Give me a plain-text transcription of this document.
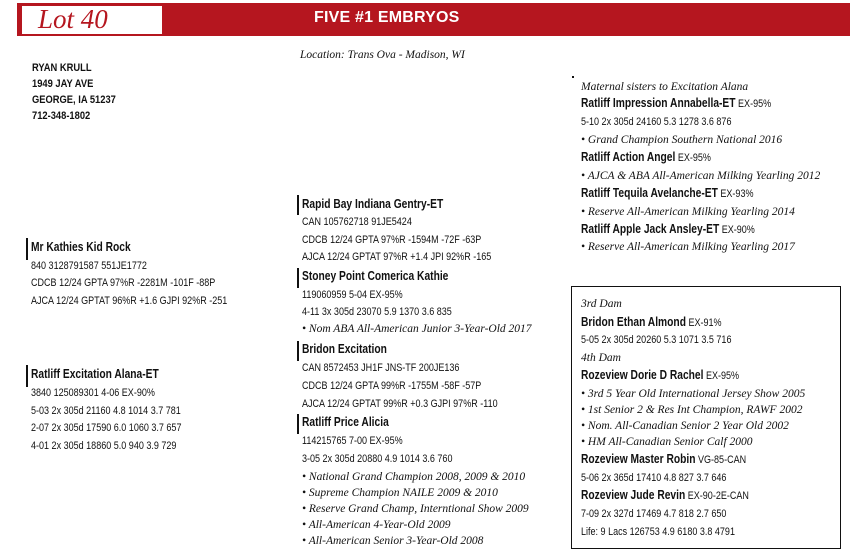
Lot 40	FIVE #1 EMBRYOS
Location: Trans Ova - Madison, WI
RYAN KRULL
1949 JAY AVE
GEORGE, IA 51237
712-348-1802
Mr Kathies Kid Rock
840 3128791587 551JE1772
CDCB 12/24 GPTA 97%R -2281M -101F -88P
AJCA 12/24 GPTAT 96%R +1.6 GJPI 92%R -251
Ratliff Excitation Alana-ET
3840 125089301 4-06 EX-90%
5-03 2x 305d 21160 4.8 1014 3.7 781
2-07 2x 305d 17590 6.0 1060 3.7 657
4-01 2x 305d 18860 5.0 940 3.9 729
Rapid Bay Indiana Gentry-ET
CAN 105762718 91JE5424
CDCB 12/24 GPTA 97%R -1594M -72F -63P
AJCA 12/24 GPTAT 97%R +1.4 JPI 92%R -165
Stoney Point Comerica Kathie
119060959 5-04 EX-95%
4-11 3x 305d 23070 5.9 1370 3.6 835
• Nom ABA All-American Junior 3-Year-Old 2017
Bridon Excitation
CAN 8572453 JH1F JNS-TF 200JE136
CDCB 12/24 GPTA 99%R -1755M -58F -57P
AJCA 12/24 GPTAT 99%R +0.3 GJPI 97%R -110
Ratliff Price Alicia
114215765 7-00 EX-95%
3-05 2x 305d 20880 4.9 1014 3.6 760
• National Grand Champion 2008, 2009 & 2010
• Supreme Champion NAILE 2009 & 2010
• Reserve Grand Champ, Interntional Show 2009
• All-American 4-Year-Old 2009
• All-American Senior 3-Year-Old 2008
Maternal sisters to Excitation Alana
Ratliff Impression Annabella-ET EX-95%
5-10 2x 305d 24160 5.3 1278 3.6 876
• Grand Champion Southern National 2016
Ratliff Action Angel EX-95%
• AJCA & ABA All-American Milking Yearling 2012
Ratliff Tequila Avelanche-ET EX-93%
• Reserve All-American Milking Yearling 2014
Ratliff Apple Jack Ansley-ET EX-90%
• Reserve All-American Milking Yearling 2017
3rd Dam
Bridon Ethan Almond EX-91%
5-05 2x 305d 20260 5.3 1071 3.5 716
4th Dam
Rozeview Dorie D Rachel EX-95%
• 3rd 5 Year Old International Jersey Show 2005
• 1st Senior 2 & Res Int Champion, RAWF 2002
• Nom. All-Canadian Senior 2 Year Old 2002
• HM All-Canadian Senior Calf 2000
Rozeview Master Robin VG-85-CAN
5-06 2x 365d 17410 4.8 827 3.7 646
Rozeview Jude Revin EX-90-2E-CAN
7-09 2x 327d 17469 4.7 818 2.7 650
Life: 9 Lacs 126753 4.9 6180 3.8 4791
